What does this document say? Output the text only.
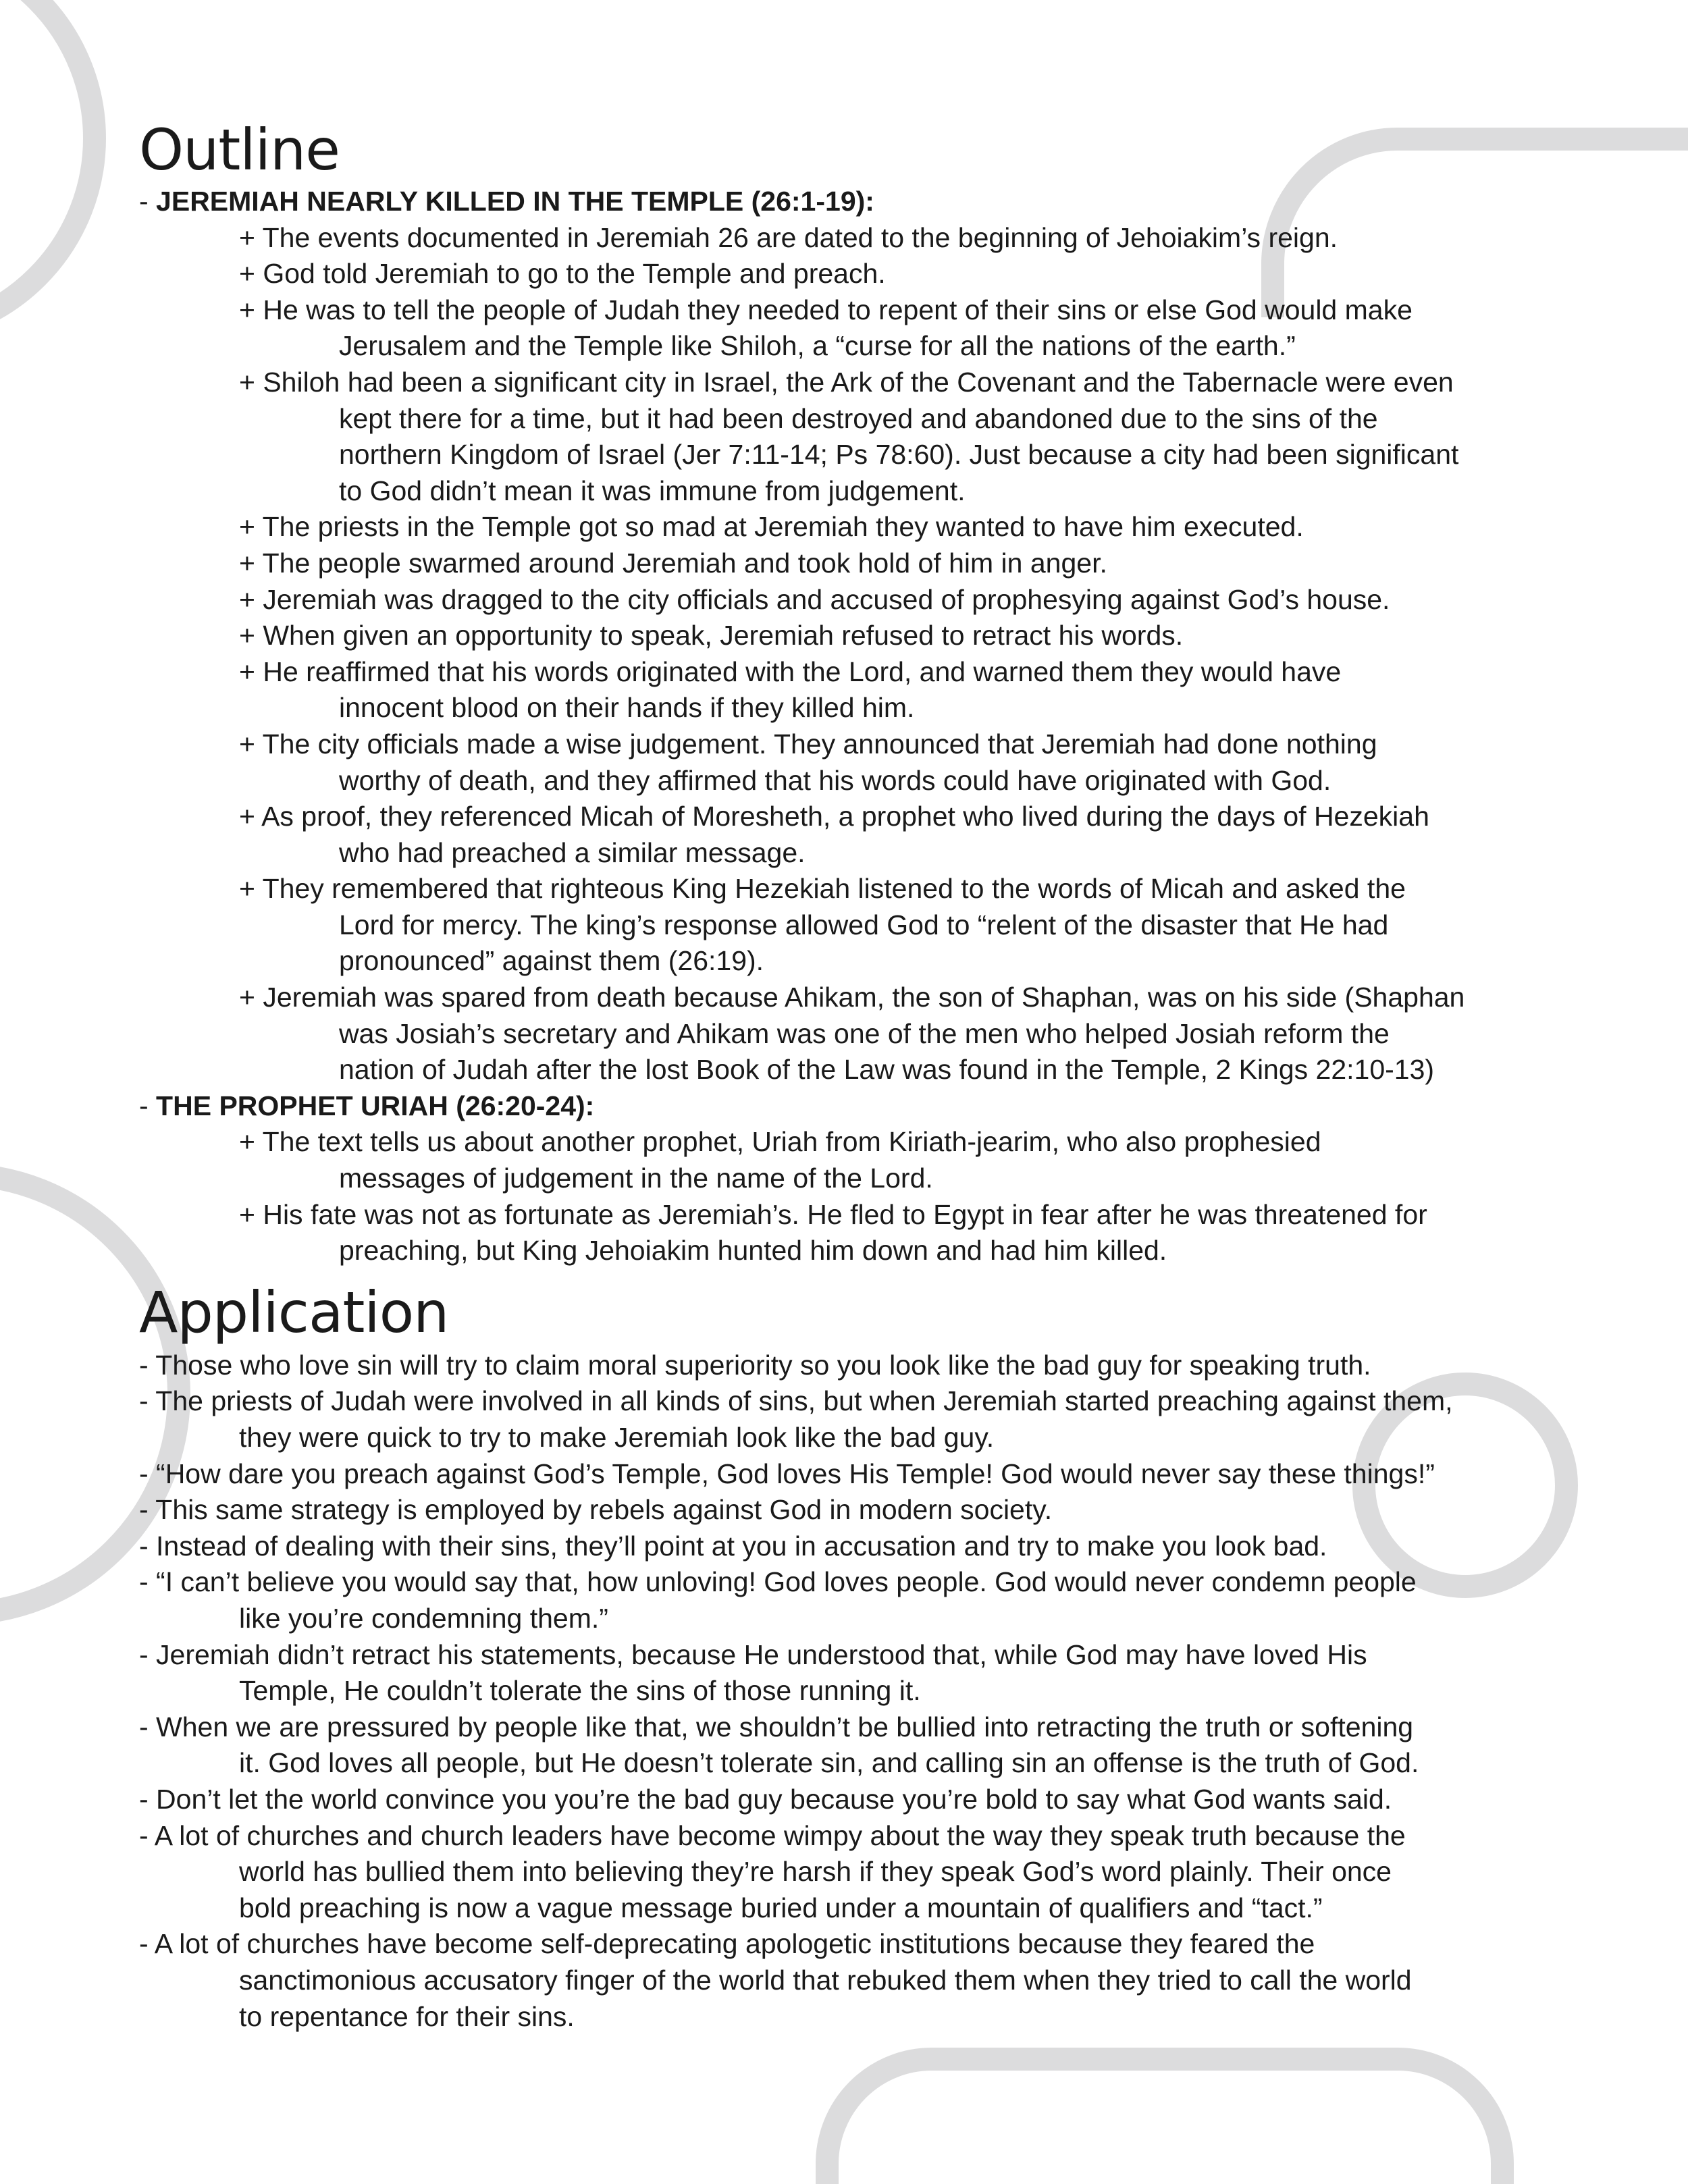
Outline
- JEREMIAH NEARLY KILLED IN THE TEMPLE (26:1-19):
+ The events documented in Jeremiah 26 are dated to the beginning of Jehoiakim’s reign.
+ God told Jeremiah to go to the Temple and preach.
+ He was to tell the people of Judah they needed to repent of their sins or else God would make
Jerusalem and the Temple like Shiloh, a “curse for all the nations of the earth.”
+ Shiloh had been a significant city in Israel, the Ark of the Covenant and the Tabernacle were even
kept there for a time, but it had been destroyed and abandoned due to the sins of the
northern Kingdom of Israel (Jer 7:11-14; Ps 78:60). Just because a city had been significant
to God didn’t mean it was immune from judgement.
+ The priests in the Temple got so mad at Jeremiah they wanted to have him executed.
+ The people swarmed around Jeremiah and took hold of him in anger.
+ Jeremiah was dragged to the city officials and accused of prophesying against God’s house.
+ When given an opportunity to speak, Jeremiah refused to retract his words.
+ He reaffirmed that his words originated with the Lord, and warned them they would have
innocent blood on their hands if they killed him.
+ The city officials made a wise judgement. They announced that Jeremiah had done nothing
worthy of death, and they affirmed that his words could have originated with God.
+ As proof, they referenced Micah of Moresheth, a prophet who lived during the days of Hezekiah
who had preached a similar message.
+ They remembered that righteous King Hezekiah listened to the words of Micah and asked the
Lord for mercy. The king’s response allowed God to “relent of the disaster that He had
pronounced” against them (26:19).
+ Jeremiah was spared from death because Ahikam, the son of Shaphan, was on his side (Shaphan
was Josiah’s secretary and Ahikam was one of the men who helped Josiah reform the
nation of Judah after the lost Book of the Law was found in the Temple, 2 Kings 22:10-13)
- THE PROPHET URIAH (26:20-24):
+ The text tells us about another prophet, Uriah from Kiriath-jearim, who also prophesied
messages of judgement in the name of the Lord.
+ His fate was not as fortunate as Jeremiah’s. He fled to Egypt in fear after he was threatened for
preaching, but King Jehoiakim hunted him down and had him killed.
Application
- Those who love sin will try to claim moral superiority so you look like the bad guy for speaking truth.
- The priests of Judah were involved in all kinds of sins, but when Jeremiah started preaching against them,
they were quick to try to make Jeremiah look like the bad guy.
- “How dare you preach against God’s Temple, God loves His Temple! God would never say these things!”
- This same strategy is employed by rebels against God in modern society.
- Instead of dealing with their sins, they’ll point at you in accusation and try to make you look bad.
- “I can’t believe you would say that, how unloving! God loves people. God would never condemn people
like you’re condemning them.”
- Jeremiah didn’t retract his statements, because He understood that, while God may have loved His
Temple, He couldn’t tolerate the sins of those running it.
- When we are pressured by people like that, we shouldn’t be bullied into retracting the truth or softening
it. God loves all people, but He doesn’t tolerate sin, and calling sin an offense is the truth of God.
- Don’t let the world convince you you’re the bad guy because you’re bold to say what God wants said.
- A lot of churches and church leaders have become wimpy about the way they speak truth because the
world has bullied them into believing they’re harsh if they speak God’s word plainly. Their once
bold preaching is now a vague message buried under a mountain of qualifiers and “tact.”
- A lot of churches have become self-deprecating apologetic institutions because they feared the
sanctimonious accusatory finger of the world that rebuked them when they tried to call the world
to repentance for their sins.
